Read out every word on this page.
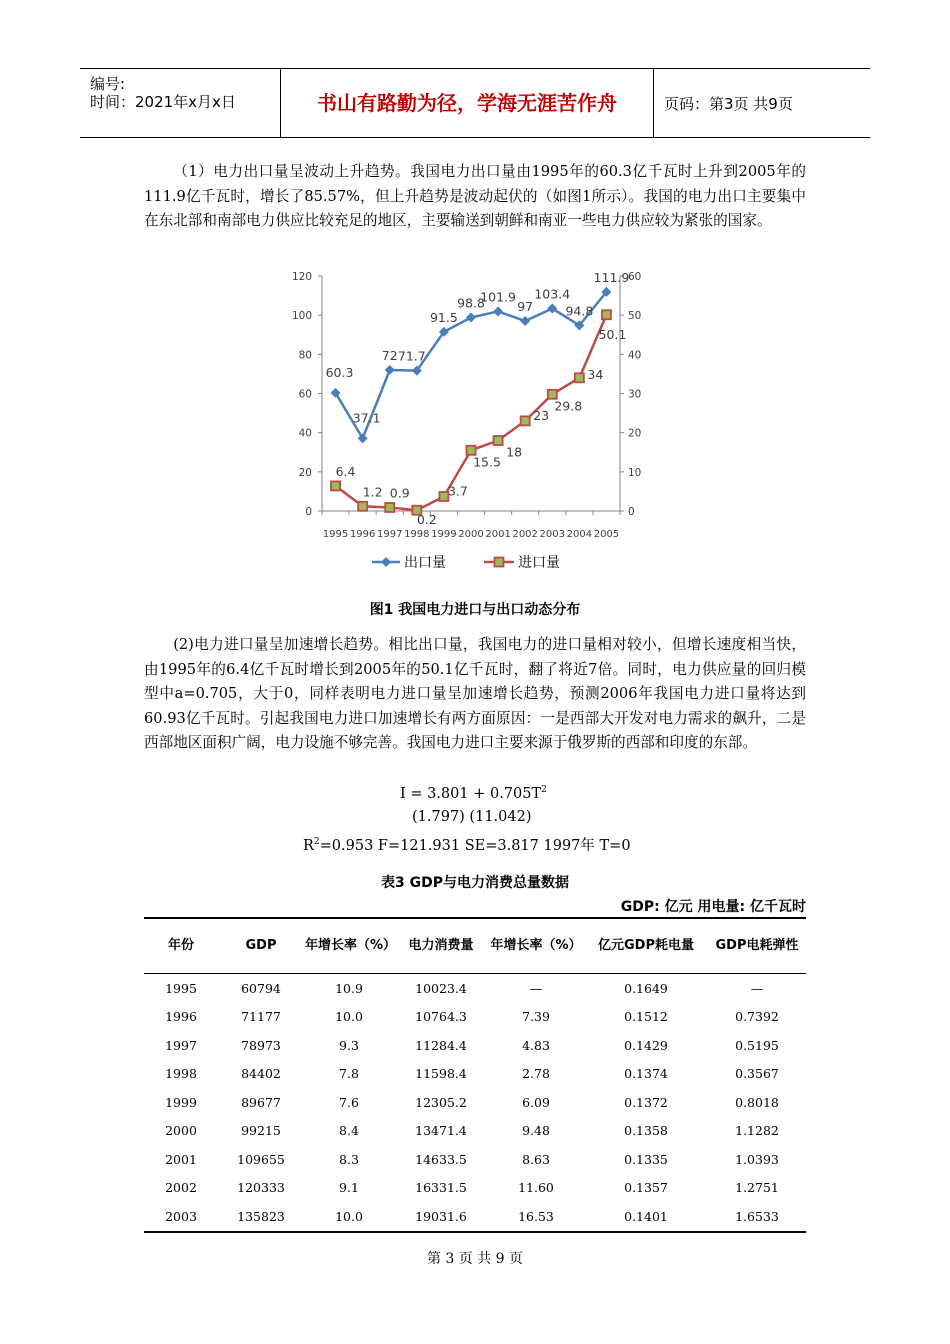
编号:
时间：2021年x月x日	书山有路勤为径，学海无涯苦作舟	页码：第3页 共9页
（1）电力出口量呈波动上升趋势。我国电力出口量由1995年的60.3亿千瓦时上升到2005年的111.9亿千瓦时，增长了85.57%，但上升趋势是波动起伏的（如图1所示）。我国的电力出口主要集中在东北部和南部电力供应比较充足的地区，主要输送到朝鲜和南亚一些电力供应较为紧张的国家。
0
20
40
60
80
100
120
0
10
20
30
40
50
60
1995 1996 1997 1998 1999 2000 2001 2002 2003 2004 2005
60.3
37.1
72 71.7
91.5
98.8
101.9
97
103.4
94.8
111.9
6.4
1.2 0.9
0.2
3.7
15.5
18
23
29.8
34
50.1
出口量	进口量
图1 我国电力进口与出口动态分布
(2)电力进口量呈加速增长趋势。相比出口量，我国电力的进口量相对较小，但增长速度相当快，由1995年的6.4亿千瓦时增长到2005年的50.1亿千瓦时，翻了将近7倍。同时，电力供应量的回归模型中a=0.705，大于0，同样表明电力进口量呈加速增长趋势，预测2006年我国电力进口量将达到60.93亿千瓦时。引起我国电力进口加速增长有两方面原因：一是西部大开发对电力需求的飙升，二是西部地区面积广阔，电力设施不够完善。我国电力进口主要来源于俄罗斯的西部和印度的东部。
$I = 3.801 + 0.705T^2$
(1.797) (11.042)
$R^2=0.953$ F=121.931 SE=3.817 1997年 T=0
表3 GDP与电力消费总量数据
GDP: 亿元 用电量: 亿千瓦时
年份	GDP	年增长率（%）	电力消费量	年增长率（%）	亿元GDP耗电量	GDP电耗弹性
1995	60794	10.9	10023.4	—	0.1649	—
1996	71177	10.0	10764.3	7.39	0.1512	0.7392
1997	78973	9.3	11284.4	4.83	0.1429	0.5195
1998	84402	7.8	11598.4	2.78	0.1374	0.3567
1999	89677	7.6	12305.2	6.09	0.1372	0.8018
2000	99215	8.4	13471.4	9.48	0.1358	1.1282
2001	109655	8.3	14633.5	8.63	0.1335	1.0393
2002	120333	9.1	16331.5	11.60	0.1357	1.2751
2003	135823	10.0	19031.6	16.53	0.1401	1.6533
第 3 页 共 9 页
